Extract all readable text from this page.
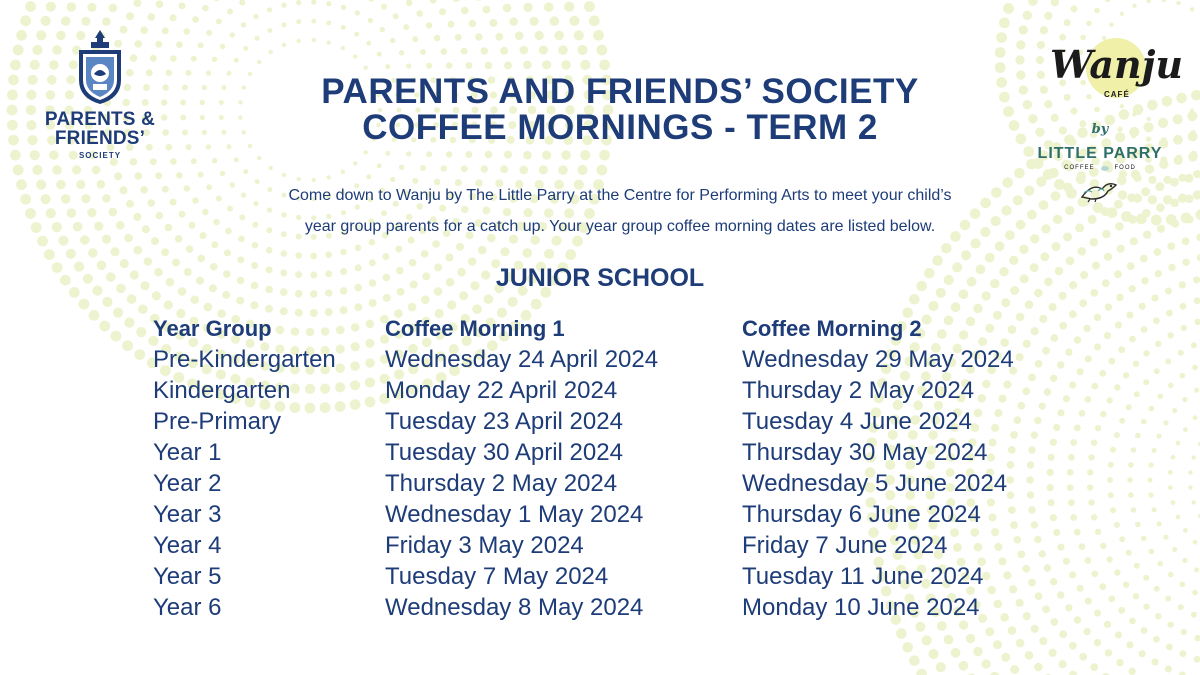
PARENTS &
FRIENDS’
SOCIETY
PARENTS AND FRIENDS’ SOCIETY
COFFEE MORNINGS - TERM 2
Come down to Wanju by The Little Parry at the Centre for Performing Arts to meet your child’s
year group parents for a catch up. Your year group coffee morning dates are listed below.
JUNIOR SCHOOL
Year Group	Coffee Morning 1	Coffee Morning 2
Pre-Kindergarten	Wednesday 24 April 2024	Wednesday 29 May 2024
Kindergarten	Monday 22 April 2024	Thursday 2 May 2024
Pre-Primary	Tuesday 23 April 2024	Tuesday 4 June 2024
Year 1	Tuesday 30 April 2024	Thursday 30 May 2024
Year 2	Thursday 2 May 2024	Wednesday 5 June 2024
Year 3	Wednesday 1 May 2024	Thursday 6 June 2024
Year 4	Friday 3 May 2024	Friday 7 June 2024
Year 5	Tuesday 7 May 2024	Tuesday 11 June 2024
Year 6	Wednesday 8 May 2024	Monday 10 June 2024
Wanju
CAFÉ
by
LITTLE PARRY
COFFEE	FOOD
